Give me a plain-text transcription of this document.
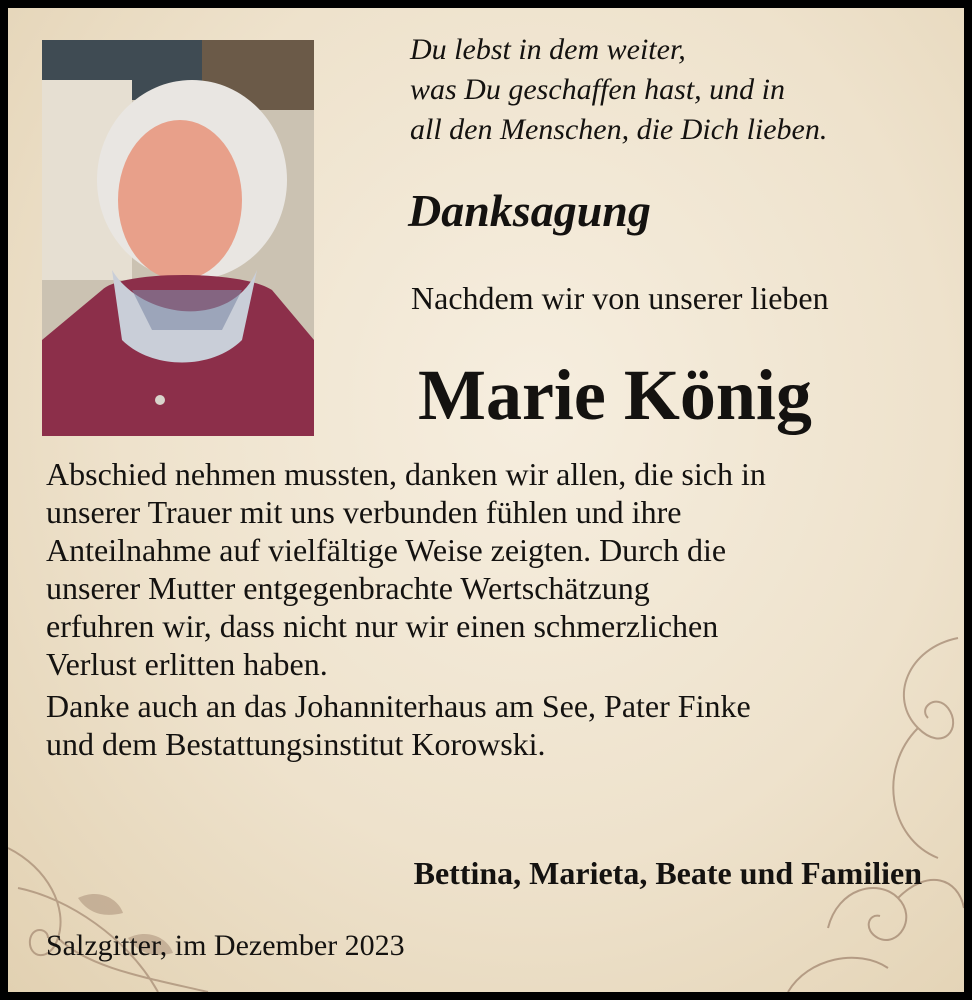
Du lebst in dem weiter,
was Du geschaffen hast, und in
all den Menschen, die Dich lieben.
Danksagung
Nachdem wir von unserer lieben
Marie König
Abschied nehmen mussten, danken wir allen, die sich in
unserer Trauer mit uns verbunden fühlen und ihre
Anteilnahme auf vielfältige Weise zeigten. Durch die
unserer Mutter entgegenbrachte Wertschätzung
erfuhren wir, dass nicht nur wir einen schmerzlichen
Verlust erlitten haben.
Danke auch an das Johanniterhaus am See, Pater Finke
und dem Bestattungsinstitut Korowski.
Bettina, Marieta, Beate und Familien
Salzgitter, im Dezember 2023
